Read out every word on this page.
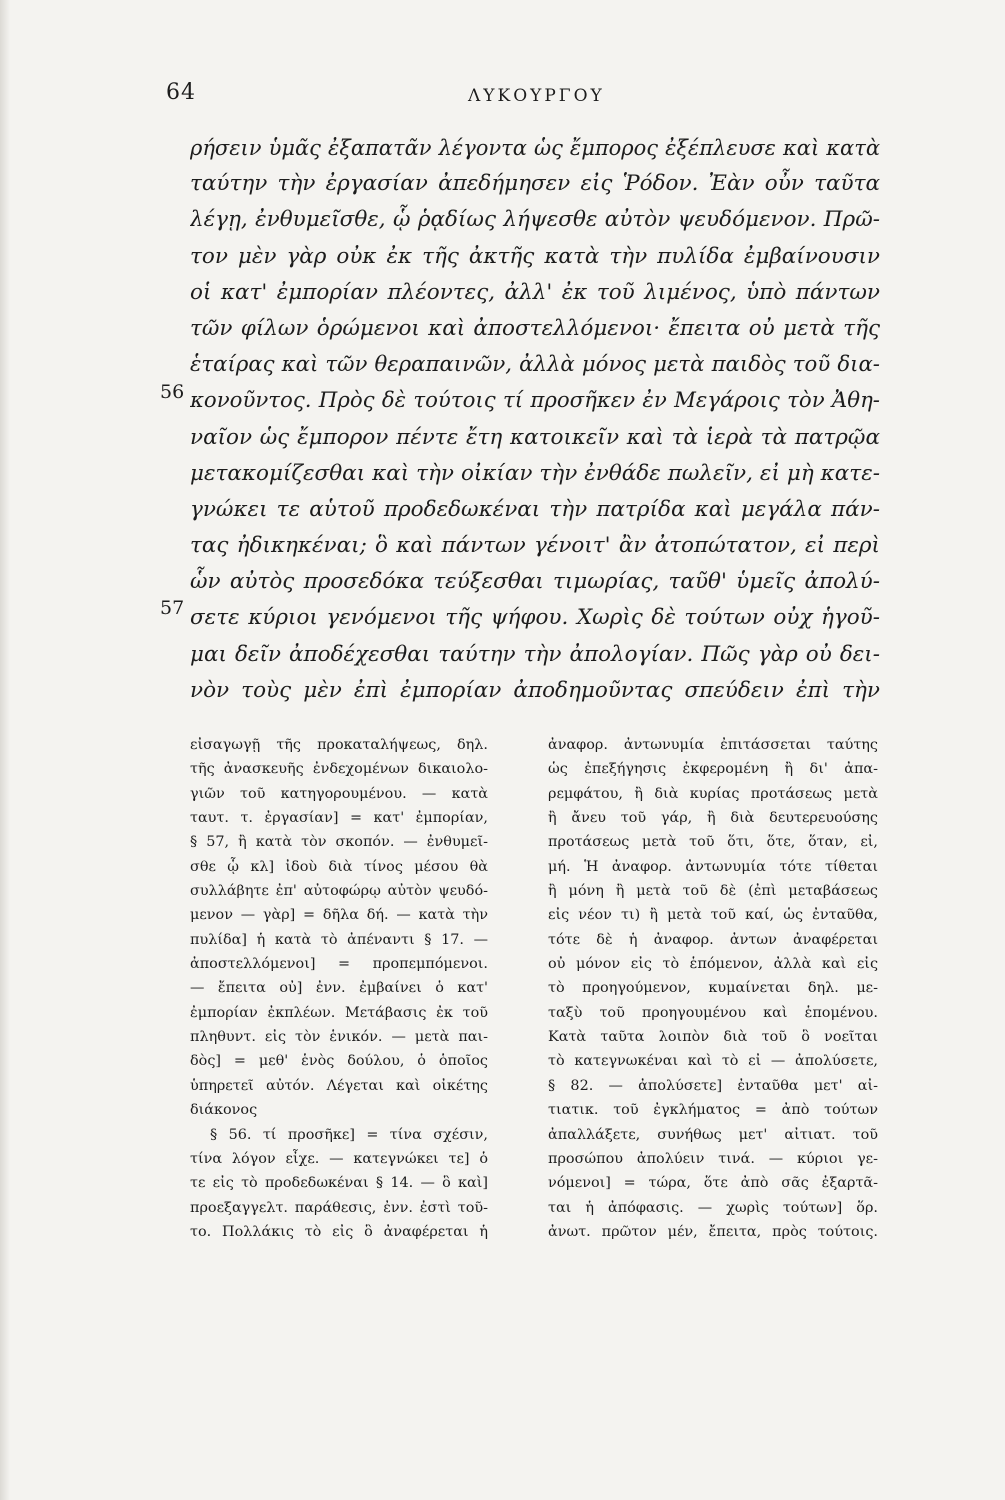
64	ΛΥΚΟΥΡΓΟΥ
56
57
ρήσειν ὑμᾶς ἐξαπατᾶν λέγοντα ὡς ἔμπορος ἐξέπλευσε καὶ κατὰ
ταύτην τὴν ἐργασίαν ἀπεδήμησεν εἰς Ῥόδον. Ἐὰν οὖν ταῦτα
λέγῃ, ἐνθυμεῖσθε, ᾧ ῥᾳδίως λήψεσθε αὐτὸν ψευδόμενον. Πρῶ-
τον μὲν γὰρ οὐκ ἐκ τῆς ἀκτῆς κατὰ τὴν πυλίδα ἐμβαίνουσιν
οἱ κατ' ἐμπορίαν πλέοντες, ἀλλ' ἐκ τοῦ λιμένος, ὑπὸ πάντων
τῶν φίλων ὁρώμενοι καὶ ἀποστελλόμενοι· ἔπειτα οὐ μετὰ τῆς
ἑταίρας καὶ τῶν θεραπαινῶν, ἀλλὰ μόνος μετὰ παιδὸς τοῦ δια-
κονοῦντος. Πρὸς δὲ τούτοις τί προσῆκεν ἐν Μεγάροις τὸν Ἀθη-
ναῖον ὡς ἔμπορον πέντε ἔτη κατοικεῖν καὶ τὰ ἱερὰ τὰ πατρῷα
μετακομίζεσθαι καὶ τὴν οἰκίαν τὴν ἐνθάδε πωλεῖν, εἰ μὴ κατε-
γνώκει τε αὑτοῦ προδεδωκέναι τὴν πατρίδα καὶ μεγάλα πάν-
τας ἠδικηκέναι; ὃ καὶ πάντων γένοιτ' ἂν ἀτοπώτατον, εἰ περὶ
ὧν αὐτὸς προσεδόκα τεύξεσθαι τιμωρίας, ταῦθ' ὑμεῖς ἀπολύ-
σετε κύριοι γενόμενοι τῆς ψήφου. Χωρὶς δὲ τούτων οὐχ ἡγοῦ-
μαι δεῖν ἀποδέχεσθαι ταύτην τὴν ἀπολογίαν. Πῶς γὰρ οὐ δει-
νὸν τοὺς μὲν ἐπὶ ἐμπορίαν ἀποδημοῦντας σπεύδειν ἐπὶ τὴν
εἰσαγωγῇ τῆς προκαταλήψεως, δηλ.
τῆς ἀνασκευῆς ἐνδεχομένων δικαιολο-
γιῶν τοῦ κατηγορουμένου. — κατὰ
ταυτ. τ. ἐργασίαν] = κατ' ἐμπορίαν,
§ 57, ἢ κατὰ τὸν σκοπόν. — ἐνθυμεῖ-
σθε ᾧ κλ] ἰδοὺ διὰ τίνος μέσου θὰ
συλλάβητε ἐπ' αὐτοφώρῳ αὐτὸν ψευδό-
μενον — γὰρ] = δῆλα δή. — κατὰ τὴν
πυλίδα] ἡ κατὰ τὸ ἀπέναντι § 17. —
ἀποστελλόμενοι] = προπεμπόμενοι.
— ἔπειτα οὐ] ἐνν. ἐμβαίνει ὁ κατ'
ἐμπορίαν ἐκπλέων. Μετάβασις ἐκ τοῦ
πληθυντ. εἰς τὸν ἑνικόν. — μετὰ παι-
δὸς] = μεθ' ἑνὸς δούλου, ὁ ὁποῖος
ὑπηρετεῖ αὐτόν. Λέγεται καὶ οἰκέτης
διάκονος
§ 56. τί προσῆκε] = τίνα σχέσιν,
τίνα λόγον εἶχε. — κατεγνώκει τε] ὁ
τε εἰς τὸ προδεδωκέναι § 14. — ὃ καὶ]
προεξαγγελτ. παράθεσις, ἐνν. ἐστὶ τοῦ-
το. Πολλάκις τὸ εἰς ὃ ἀναφέρεται ἡ
ἀναφορ. ἀντωνυμία ἐπιτάσσεται ταύτης
ὡς ἐπεξήγησις ἐκφερομένη ἢ δι' ἀπα-
ρεμφάτου, ἢ διὰ κυρίας προτάσεως μετὰ
ἢ ἄνευ τοῦ γάρ, ἢ διὰ δευτερευούσης
προτάσεως μετὰ τοῦ ὅτι, ὅτε, ὅταν, εἰ,
μή. Ἡ ἀναφορ. ἀντωνυμία τότε τίθεται
ἢ μόνη ἢ μετὰ τοῦ δὲ (ἐπὶ μεταβάσεως
εἰς νέον τι) ἢ μετὰ τοῦ καί, ὡς ἐνταῦθα,
τότε δὲ ἡ ἀναφορ. ἀντων ἀναφέρεται
οὐ μόνον εἰς τὸ ἑπόμενον, ἀλλὰ καὶ εἰς
τὸ προηγούμενον, κυμαίνεται δηλ. με-
ταξὺ τοῦ προηγουμένου καὶ ἑπομένου.
Κατὰ ταῦτα λοιπὸν διὰ τοῦ ὃ νοεῖται
τὸ κατεγνωκέναι καὶ τὸ εἰ — ἀπολύσετε,
§ 82. — ἀπολύσετε] ἐνταῦθα μετ' αἰ-
τιατικ. τοῦ ἐγκλήματος = ἀπὸ τούτων
ἀπαλλάξετε, συνήθως μετ' αἰτιατ. τοῦ
προσώπου ἀπολύειν τινά. — κύριοι γε-
νόμενοι] = τώρα, ὅτε ἀπὸ σᾶς ἐξαρτᾶ-
ται ἡ ἀπόφασις. — χωρὶς τούτων] ὅρ.
ἀνωτ. πρῶτον μέν, ἔπειτα, πρὸς τούτοις.
